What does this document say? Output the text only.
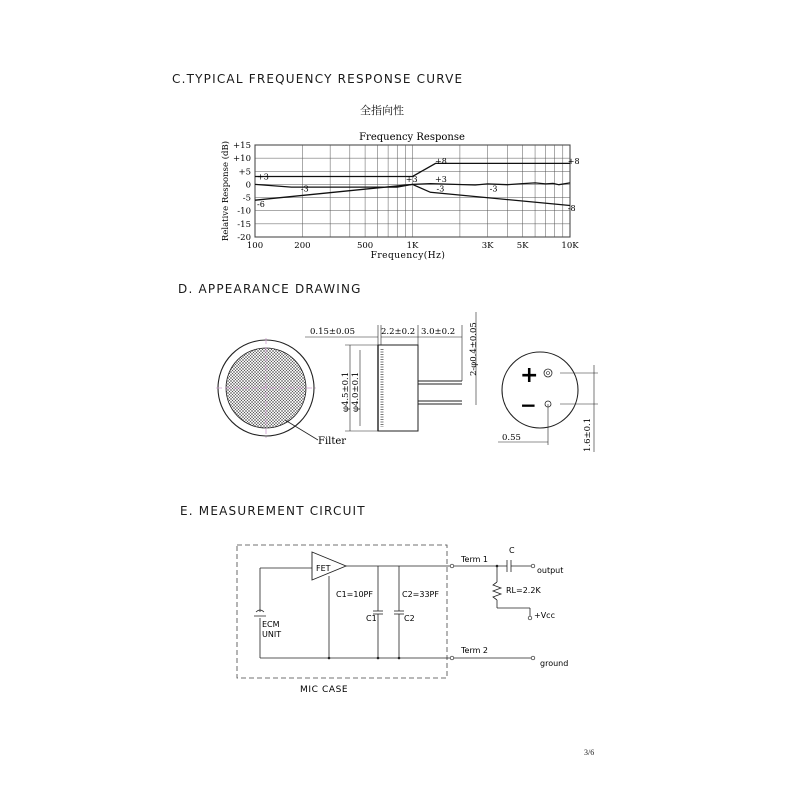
C.TYPICAL FREQUENCY RESPONSE CURVE
全指向性
Frequency Response
100	200	500	1K	3K	5K	10K
+15
+10
+5
0
-5
-10
-15
-20
+3
-3
-6
+3
+8
+3
-3	-3
+8
-8
Frequency(Hz)
Relative Response (dB)
D. APPEARANCE DRAWING
Filter
0.15±0.05	2.2±0.2 3.0±0.2
φ4.5±0.1 φ4.0±0.1
2-φ0.4±0.05 +
−
0.55	1.6±0.1
E. MEASUREMENT CIRCUIT
FET
ECM
UNIT
C1=10PF
C1
C2=33PF
C2
Term 1
Term 2
C
output
RL=2.2K
+Vcc
ground
MIC CASE
3/6
